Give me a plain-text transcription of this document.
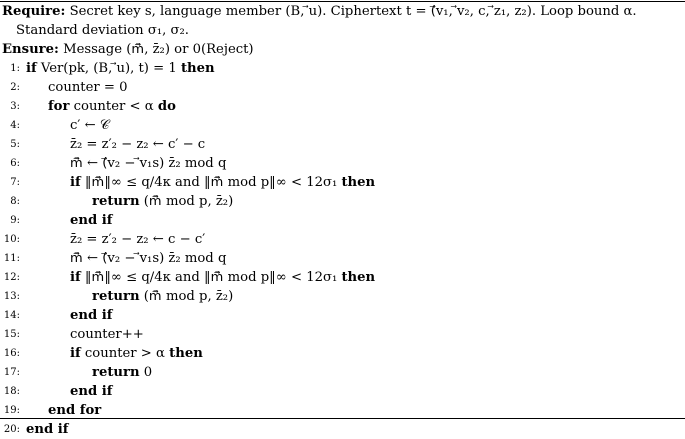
Require: Secret key s, language member (B, ⃗u). Ciphertext t = (⃗v₁, ⃗v₂, c, ⃗z₁, z₂). Loop bound α.
Standard deviation σ₁, σ₂.
Ensure: Message (m⃗̄, z̄₂) or 0(Reject)
1: if Ver(pk, (B, ⃗u), t) = 1 then
2: counter = 0
3: for counter < α do
4:	c′ ← 𝒞
5:	z̄₂ = z′₂ − z₂ ← c′ − c
6:	m⃗̄ ← (⃗v₂ − ⃗v₁s) z̄₂ mod q
7:	if ‖m⃗̄‖∞ ≤ q/4κ and ‖m⃗̄ mod p‖∞ < 12σ₁ then
8:	return (m⃗̄ mod p, z̄₂)
9:	end if
10:	z̄₂ = z′₂ − z₂ ← c − c′
11:	m⃗̄ ← (⃗v₂ − ⃗v₁s) z̄₂ mod q
12:	if ‖m⃗̄‖∞ ≤ q/4κ and ‖m⃗̄ mod p‖∞ < 12σ₁ then
13:	return (m⃗̄ mod p, z̄₂)
14:	end if
15:	counter++
16:	if counter > α then
17:	return 0
18:	end if
19: end for
20: end if
